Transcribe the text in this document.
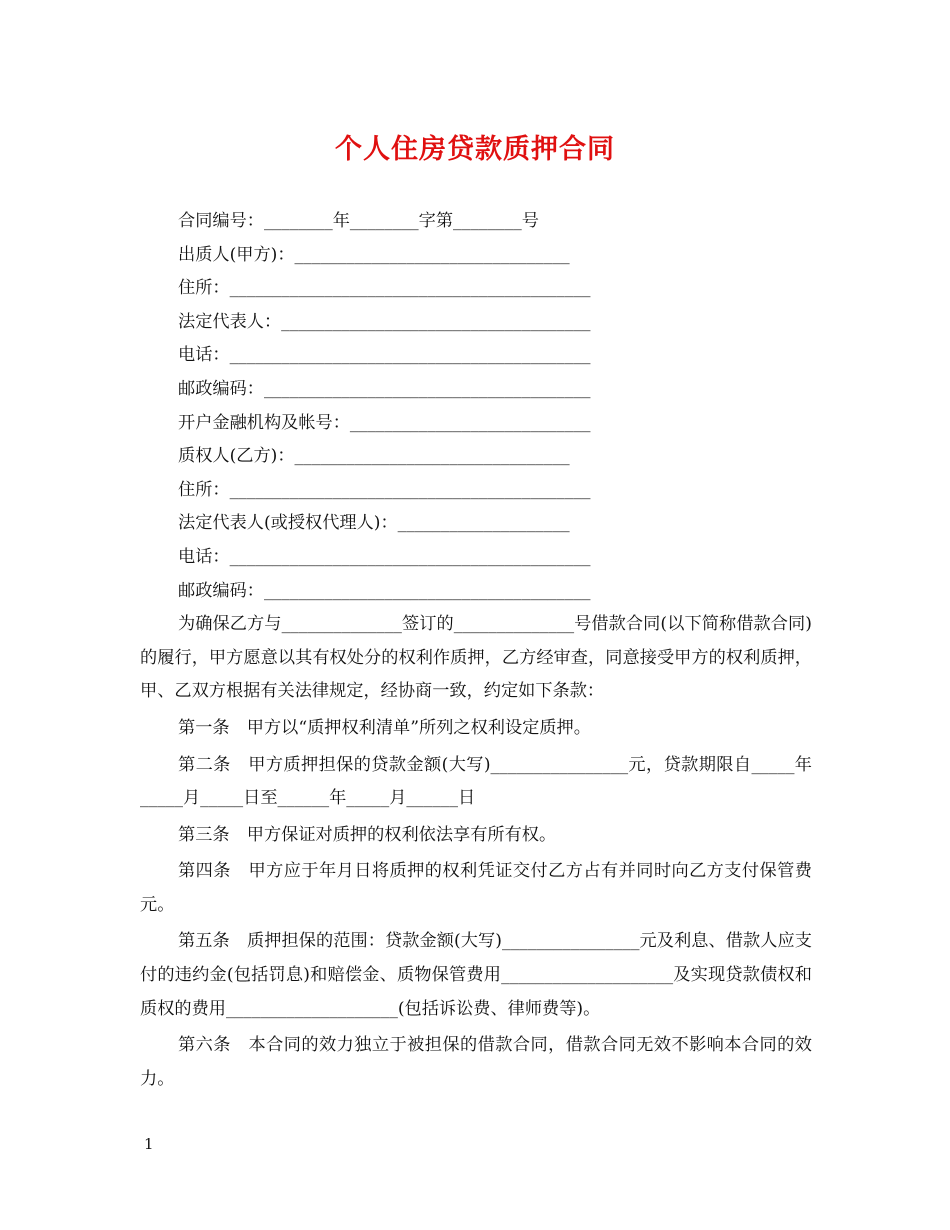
个人住房贷款质押合同
合同编号：________年________字第________号
出质人(甲方)：________________________________
住所：__________________________________________
法定代表人：____________________________________
电话：__________________________________________
邮政编码：______________________________________
开户金融机构及帐号：____________________________
质权人(乙方)：________________________________
住所：__________________________________________
法定代表人(或授权代理人)：____________________
电话：__________________________________________
邮政编码：______________________________________

为确保乙方与______________签订的______________号借款合同(以下简称借款合同)的履行，甲方愿意以其有权处分的权利作质押，乙方经审查，同意接受甲方的权利质押，甲、乙双方根据有关法律规定，经协商一致，约定如下条款：

第一条　甲方以“质押权利清单”所列之权利设定质押。

第二条　甲方质押担保的贷款金额(大写)________________元，贷款期限自_____年_____月_____日至______年_____月______日

第三条　甲方保证对质押的权利依法享有所有权。

第四条　甲方应于年月日将质押的权利凭证交付乙方占有并同时向乙方支付保管费元。

第五条　质押担保的范围：贷款金额(大写)________________元及利息、借款人应支付的违约金(包括罚息)和赔偿金、质物保管费用____________________及实现贷款债权和质权的费用____________________(包括诉讼费、律师费等)。

第六条　本合同的效力独立于被担保的借款合同，借款合同无效不影响本合同的效力。

1
